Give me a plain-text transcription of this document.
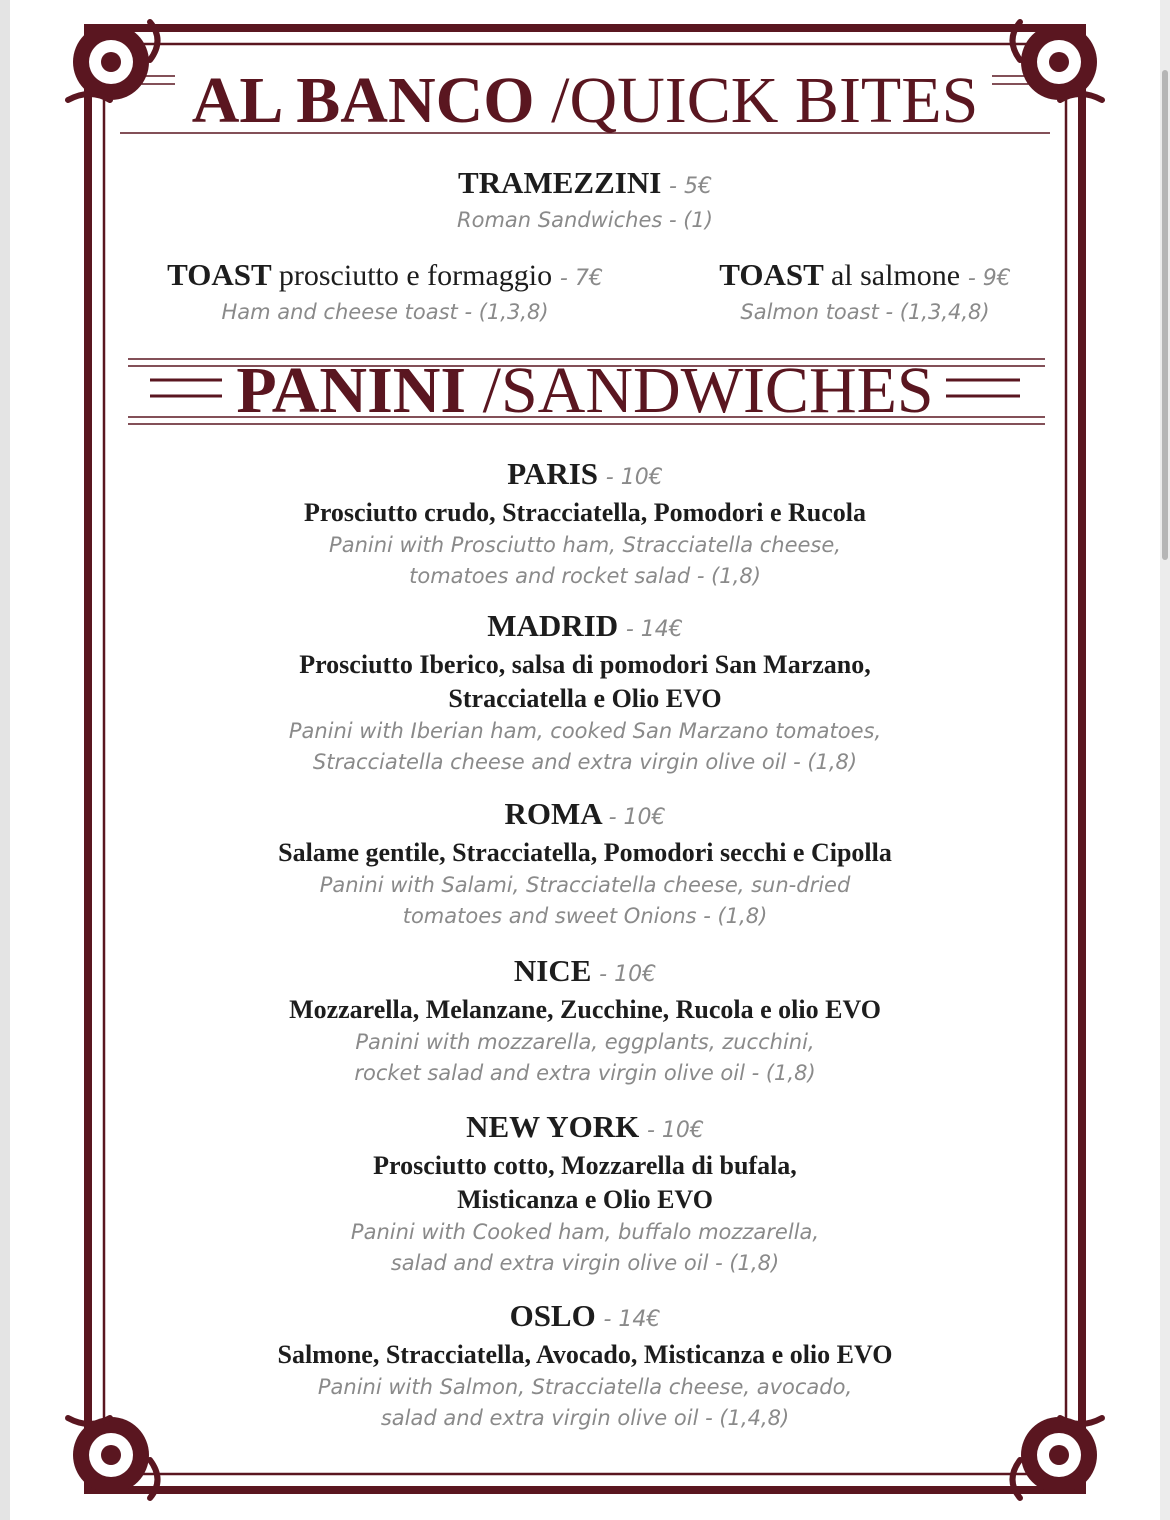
AL BANCO /QUICK BITES
PANINI /SANDWICHES
TRAMEZZINI - 5€
Roman Sandwiches - (1)
TOAST prosciutto e formaggio - 7€
Ham and cheese toast - (1,3,8)
TOAST al salmone - 9€
Salmon toast - (1,3,4,8)
PARIS - 10€
Prosciutto crudo, Stracciatella, Pomodori e Rucola
Panini with Prosciutto ham, Stracciatella cheese,
tomatoes and rocket salad - (1,8)
MADRID - 14€
Prosciutto Iberico, salsa di pomodori San Marzano,
Stracciatella e Olio EVO
Panini with Iberian ham, cooked San Marzano tomatoes,
Stracciatella cheese and extra virgin olive oil - (1,8)
ROMA - 10€
Salame gentile, Stracciatella, Pomodori secchi e Cipolla
Panini with Salami, Stracciatella cheese, sun-dried
tomatoes and sweet Onions - (1,8)
NICE - 10€
Mozzarella, Melanzane, Zucchine, Rucola e olio EVO
Panini with mozzarella, eggplants, zucchini,
rocket salad and extra virgin olive oil - (1,8)
NEW YORK - 10€
Prosciutto cotto, Mozzarella di bufala,
Misticanza e Olio EVO
Panini with Cooked ham, buffalo mozzarella,
salad and extra virgin olive oil - (1,8)
OSLO - 14€
Salmone, Stracciatella, Avocado, Misticanza e olio EVO
Panini with Salmon, Stracciatella cheese, avocado,
salad and extra virgin olive oil - (1,4,8)
